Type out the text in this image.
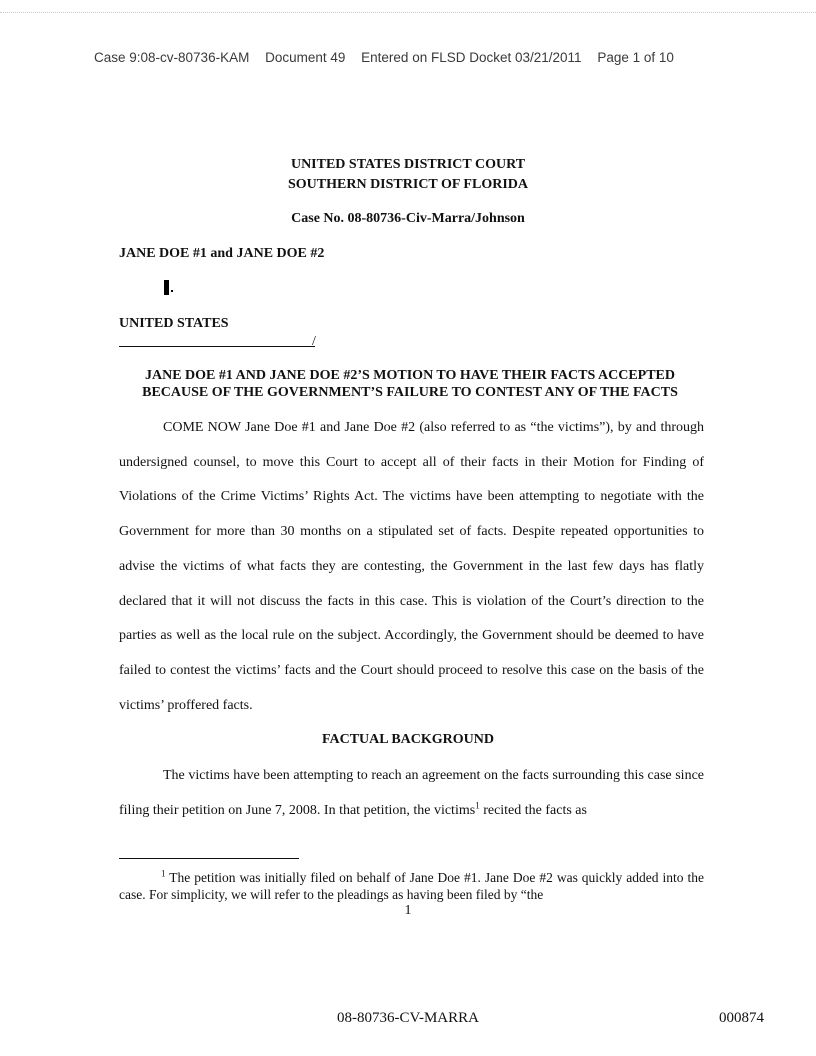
Case 9:08-cv-80736-KAM Document 49 Entered on FLSD Docket 03/21/2011 Page 1 of 10
UNITED STATES DISTRICT COURT
SOUTHERN DISTRICT OF FLORIDA
Case No. 08-80736-Civ-Marra/Johnson
JANE DOE #1 and JANE DOE #2
UNITED STATES
/
JANE DOE #1 AND JANE DOE #2’S MOTION TO HAVE THEIR FACTS ACCEPTED
BECAUSE OF THE GOVERNMENT’S FAILURE TO CONTEST ANY OF THE FACTS

COME NOW Jane Doe #1 and Jane Doe #2 (also referred to as “the victims”), by and through undersigned counsel, to move this Court to accept all of their facts in their Motion for Finding of Violations of the Crime Victims’ Rights Act. The victims have been attempting to negotiate with the Government for more than 30 months on a stipulated set of facts. Despite repeated opportunities to advise the victims of what facts they are contesting, the Government in the last few days has flatly declared that it will not discuss the facts in this case. This is violation of the Court’s direction to the parties as well as the local rule on the subject. Accordingly, the Government should be deemed to have failed to contest the victims’ facts and the Court should proceed to resolve this case on the basis of the victims’ proffered facts.

FACTUAL BACKGROUND

The victims have been attempting to reach an agreement on the facts surrounding this case since filing their petition on June 7, 2008. In that petition, the victims$^1$ recited the facts as

$^1$ The petition was initially filed on behalf of Jane Doe #1. Jane Doe #2 was quickly added into the case. For simplicity, we will refer to the pleadings as having been filed by “the
1
08-80736-CV-MARRA	000874
